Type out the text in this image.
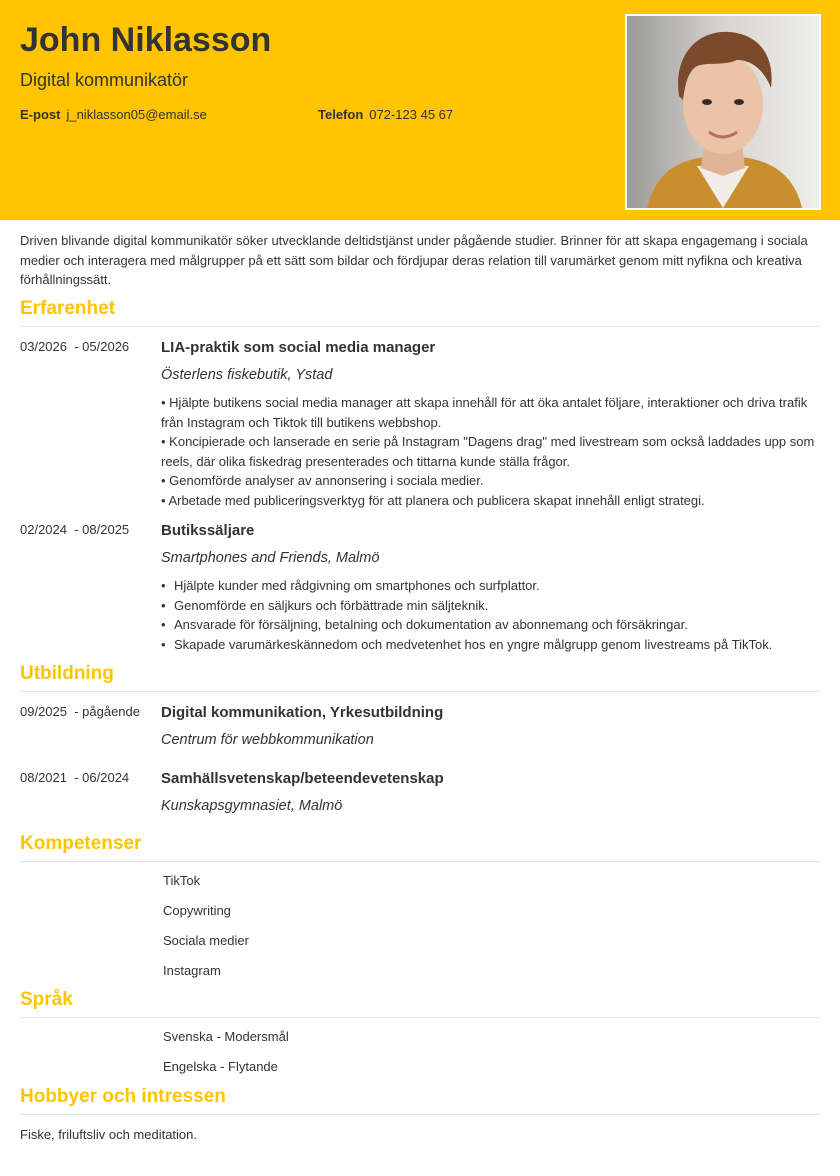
John Niklasson
Digital kommunikatör
E-post j_niklasson05@email.se	Telefon 072-123 45 67
Driven blivande digital kommunikatör söker utvecklande deltidstjänst under pågående studier. Brinner för att skapa engagemang i sociala medier och interagera med målgrupper på ett sätt som bildar och fördjupar deras relation till varumärket genom mitt nyfikna och kreativa förhållningssätt.
Erfarenhet
03/2026  - 05/2026 LIA-praktik som social media manager
Österlens fiskebutik, Ystad
• Hjälpte butikens social media manager att skapa innehåll för att öka antalet följare, interaktioner och driva trafik från Instagram och Tiktok till butikens webbshop.
• Koncipierade och lanserade en serie på Instagram "Dagens drag" med livestream som också laddades upp som reels, där olika fiskedrag presenterades och tittarna kunde ställa frågor.
• Genomförde analyser av annonsering i sociala medier.
• Arbetade med publiceringsverktyg för att planera och publicera skapat innehåll enligt strategi.
02/2024  - 08/2025 Butikssäljare
Smartphones and Friends, Malmö
• Hjälpte kunder med rådgivning om smartphones och surfplattor.
• Genomförde en säljkurs och förbättrade min säljteknik.
• Ansvarade för försäljning, betalning och dokumentation av abonnemang och försäkringar.
• Skapade varumärkeskännedom och medvetenhet hos en yngre målgrupp genom livestreams på TikTok.
Utbildning
09/2025  - pågående Digital kommunikation, Yrkesutbildning
Centrum för webbkommunikation
08/2021  - 06/2024 Samhällsvetenskap/beteendevetenskap
Kunskapsgymnasiet, Malmö
Kompetenser
TikTok
Copywriting
Sociala medier
Instagram
Språk
Svenska - Modersmål
Engelska - Flytande
Hobbyer och intressen
Fiske, friluftsliv och meditation.
